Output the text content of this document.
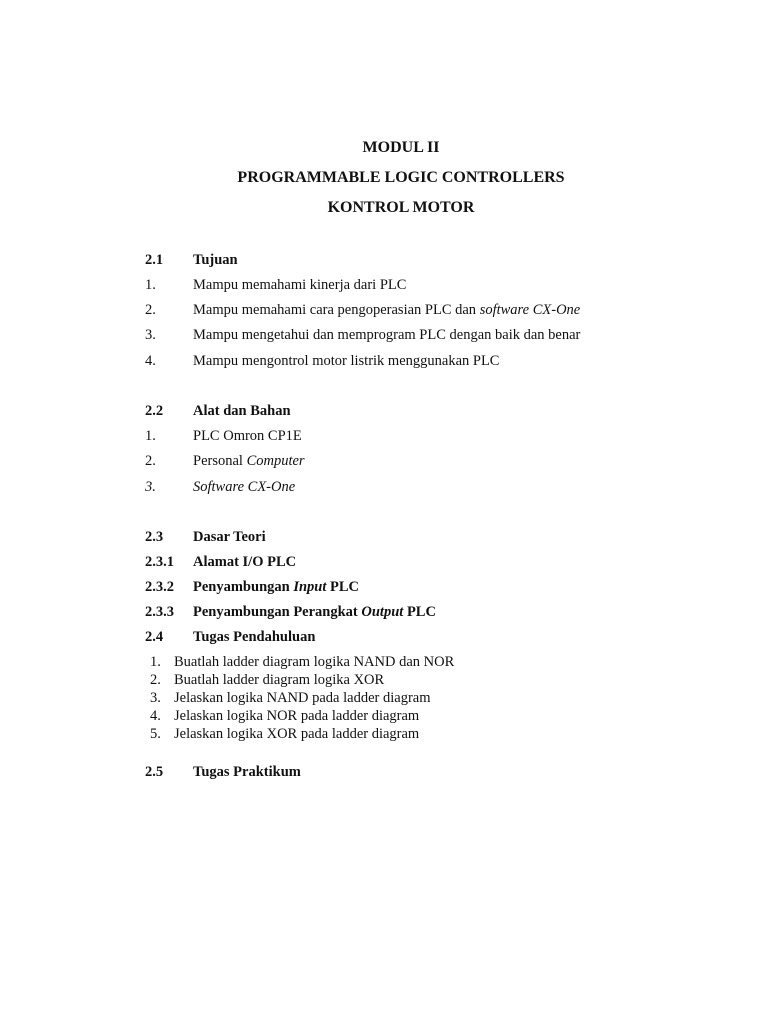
MODUL II
PROGRAMMABLE LOGIC CONTROLLERS
KONTROL MOTOR
2.1 Tujuan
1.	Mampu memahami kinerja dari PLC
2.	Mampu memahami cara pengoperasian PLC dan software CX-One
3.	Mampu mengetahui dan memprogram PLC dengan baik dan benar
4.	Mampu mengontrol motor listrik menggunakan PLC
2.2 Alat dan Bahan
1.	PLC Omron CP1E
2.	Personal Computer
3.	Software CX-One
2.3 Dasar Teori
2.3.1 Alamat I/O PLC
2.3.2 Penyambungan Input PLC
2.3.3 Penyambungan Perangkat Output PLC
2.4 Tugas Pendahuluan
1. Buatlah ladder diagram logika NAND dan NOR
2. Buatlah ladder diagram logika XOR
3. Jelaskan logika NAND pada ladder diagram
4. Jelaskan logika NOR pada ladder diagram
5. Jelaskan logika XOR pada ladder diagram
2.5 Tugas Praktikum
